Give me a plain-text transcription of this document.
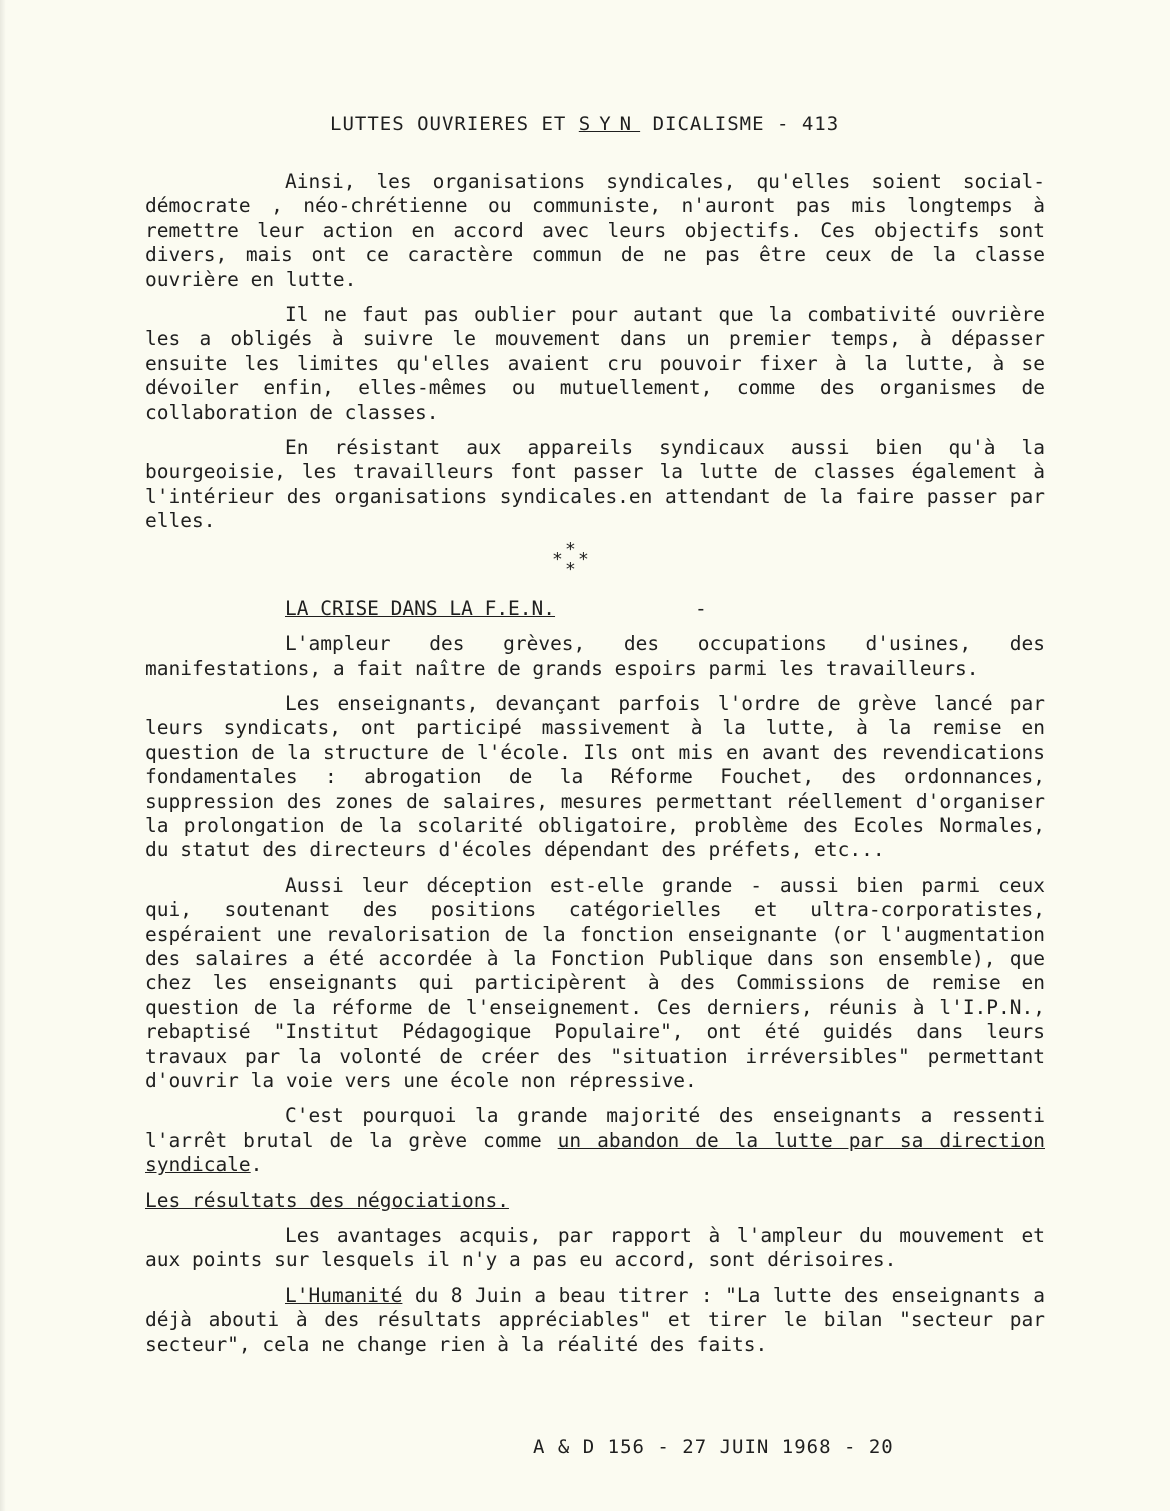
LUTTES OUVRIERES ET SYN DICALISME - 413

Ainsi, les organisations syndicales, qu'elles soient social-démocrate , néo-chrétienne ou communiste, n'auront pas mis longtemps à remettre leur action en accord avec leurs objectifs. Ces objectifs sont divers, mais ont ce caractère commun de ne pas être ceux de la classe ouvrière en lutte.

Il ne faut pas oublier pour autant que la combativité ouvrière les a obligés à suivre le mouvement dans un premier temps, à dépasser ensuite les limites qu'elles avaient cru pouvoir fixer à la lutte, à se dévoiler enfin, elles-mêmes ou mutuellement, comme des organismes de collaboration de classes.

En résistant aux appareils syndicaux aussi bien qu'à la bourgeoisie, les travailleurs font passer la lutte de classes également à l'intérieur des organisations syndicales.en attendant de la faire passer par elles.

*
* *
*

LA CRISE DANS LA F.E.N.	-

L'ampleur des grèves, des occupations d'usines, des manifestations, a fait naître de grands espoirs parmi les travailleurs.

Les enseignants, devançant parfois l'ordre de grève lancé par leurs syndicats, ont participé massivement à la lutte, à la remise en question de la structure de l'école. Ils ont mis en avant des revendications fondamentales : abrogation de la Réforme Fouchet, des ordonnances, suppression des zones de salaires, mesures permettant réellement d'organiser la prolongation de la scolarité obligatoire, problème des Ecoles Normales, du statut des directeurs d'écoles dépendant des préfets, etc...

Aussi leur déception est-elle grande - aussi bien parmi ceux qui, soutenant des positions catégorielles et ultra-corporatistes, espéraient une revalorisation de la fonction enseignante (or l'augmentation des salaires a été accordée à la Fonction Publique dans son ensemble), que chez les enseignants qui participèrent à des Commissions de remise en question de la réforme de l'enseignement. Ces derniers, réunis à l'I.P.N., rebaptisé "Institut Pédagogique Populaire", ont été guidés dans leurs travaux par la volonté de créer des "situation irréversibles" permettant d'ouvrir la voie vers une école non répressive.

C'est pourquoi la grande majorité des enseignants a ressenti l'arrêt brutal de la grève comme un abandon de la lutte par sa direction syndicale.

Les résultats des négociations.

Les avantages acquis, par rapport à l'ampleur du mouvement et aux points sur lesquels il n'y a pas eu accord, sont dérisoires.

L'Humanité du 8 Juin a beau titrer : "La lutte des enseignants a déjà abouti à des résultats appréciables" et tirer le bilan "secteur par secteur", cela ne change rien à la réalité des faits.

A & D 156 - 27 JUIN 1968 - 20
